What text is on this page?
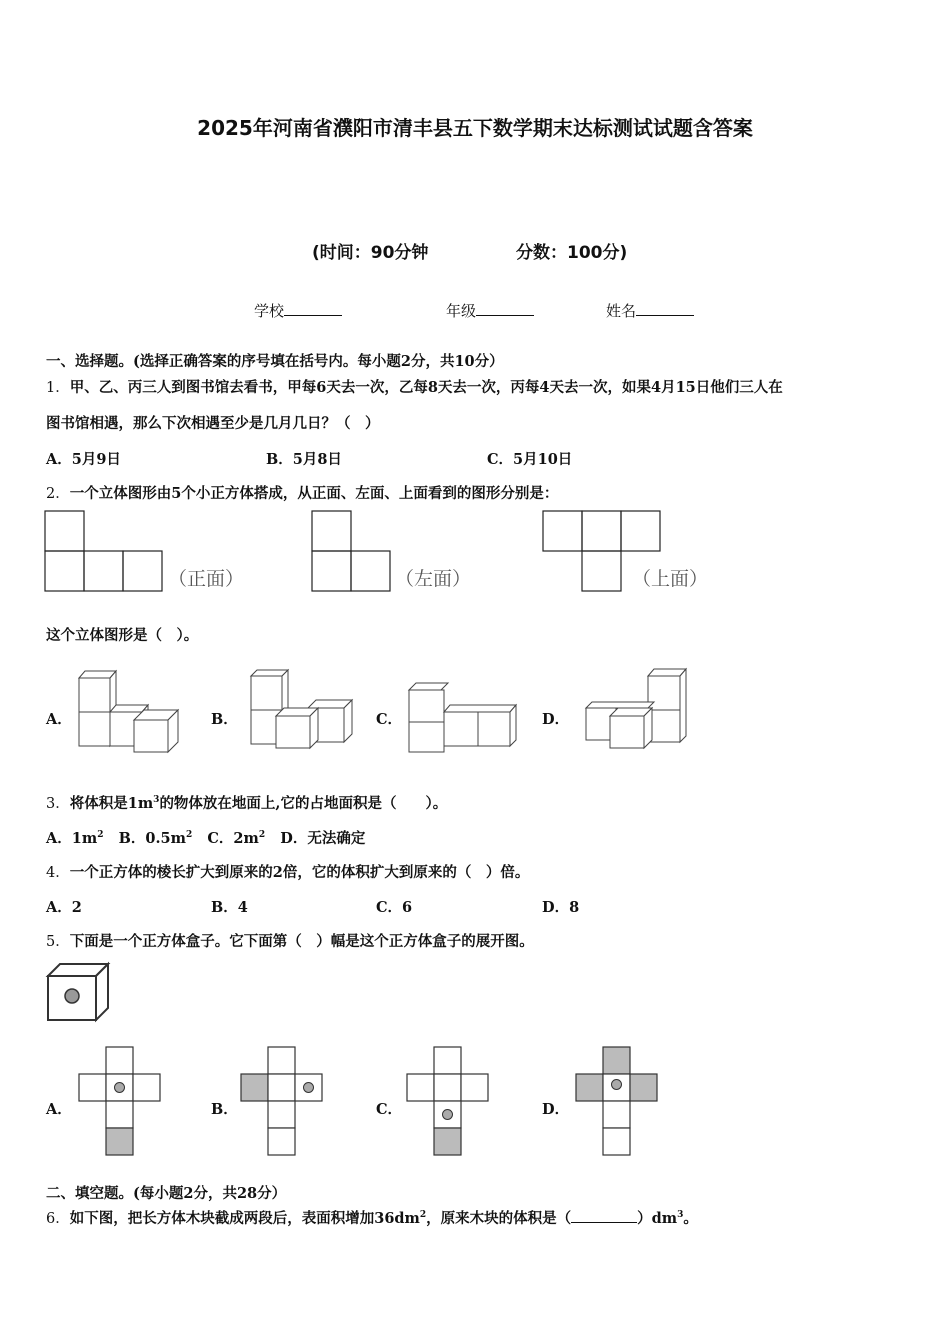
2025年河南省濮阳市清丰县五下数学期末达标测试试题含答案
(时间：90分钟	分数：100分)
学校	年级	姓名
一、选择题。(选择正确答案的序号填在括号内。每小题2分，共10分）
1．甲、乙、丙三人到图书馆去看书，甲每6天去一次，乙每8天去一次，丙每4天去一次，如果4月15日他们三人在
图书馆相遇，那么下次相遇至少是几月几日？（　）
A．5月9日	B．5月8日	C．5月10日
2．一个立体图形由5个小正方体搭成，从正面、左面、上面看到的图形分别是：
（正面）	（左面）	（上面）
这个立体图形是（　）。
A．	B．	C．	D．
3．将体积是$1m^3$的物体放在地面上,它的占地面积是（　　）。
A．$1m^2$ B．$0.5m^2$ C．$2m^2$ D．无法确定
4．一个正方体的棱长扩大到原来的2倍，它的体积扩大到原来的（　）倍。
A．2	B．4	C．6	D．8
5．下面是一个正方体盒子。它下面第（　）幅是这个正方体盒子的展开图。
A．	B．	C．	D．
二、填空题。(每小题2分，共28分）
6．如下图，把长方体木块截成两段后，表面积增加$36dm^2$，原来木块的体积是（	）$dm^3$。
